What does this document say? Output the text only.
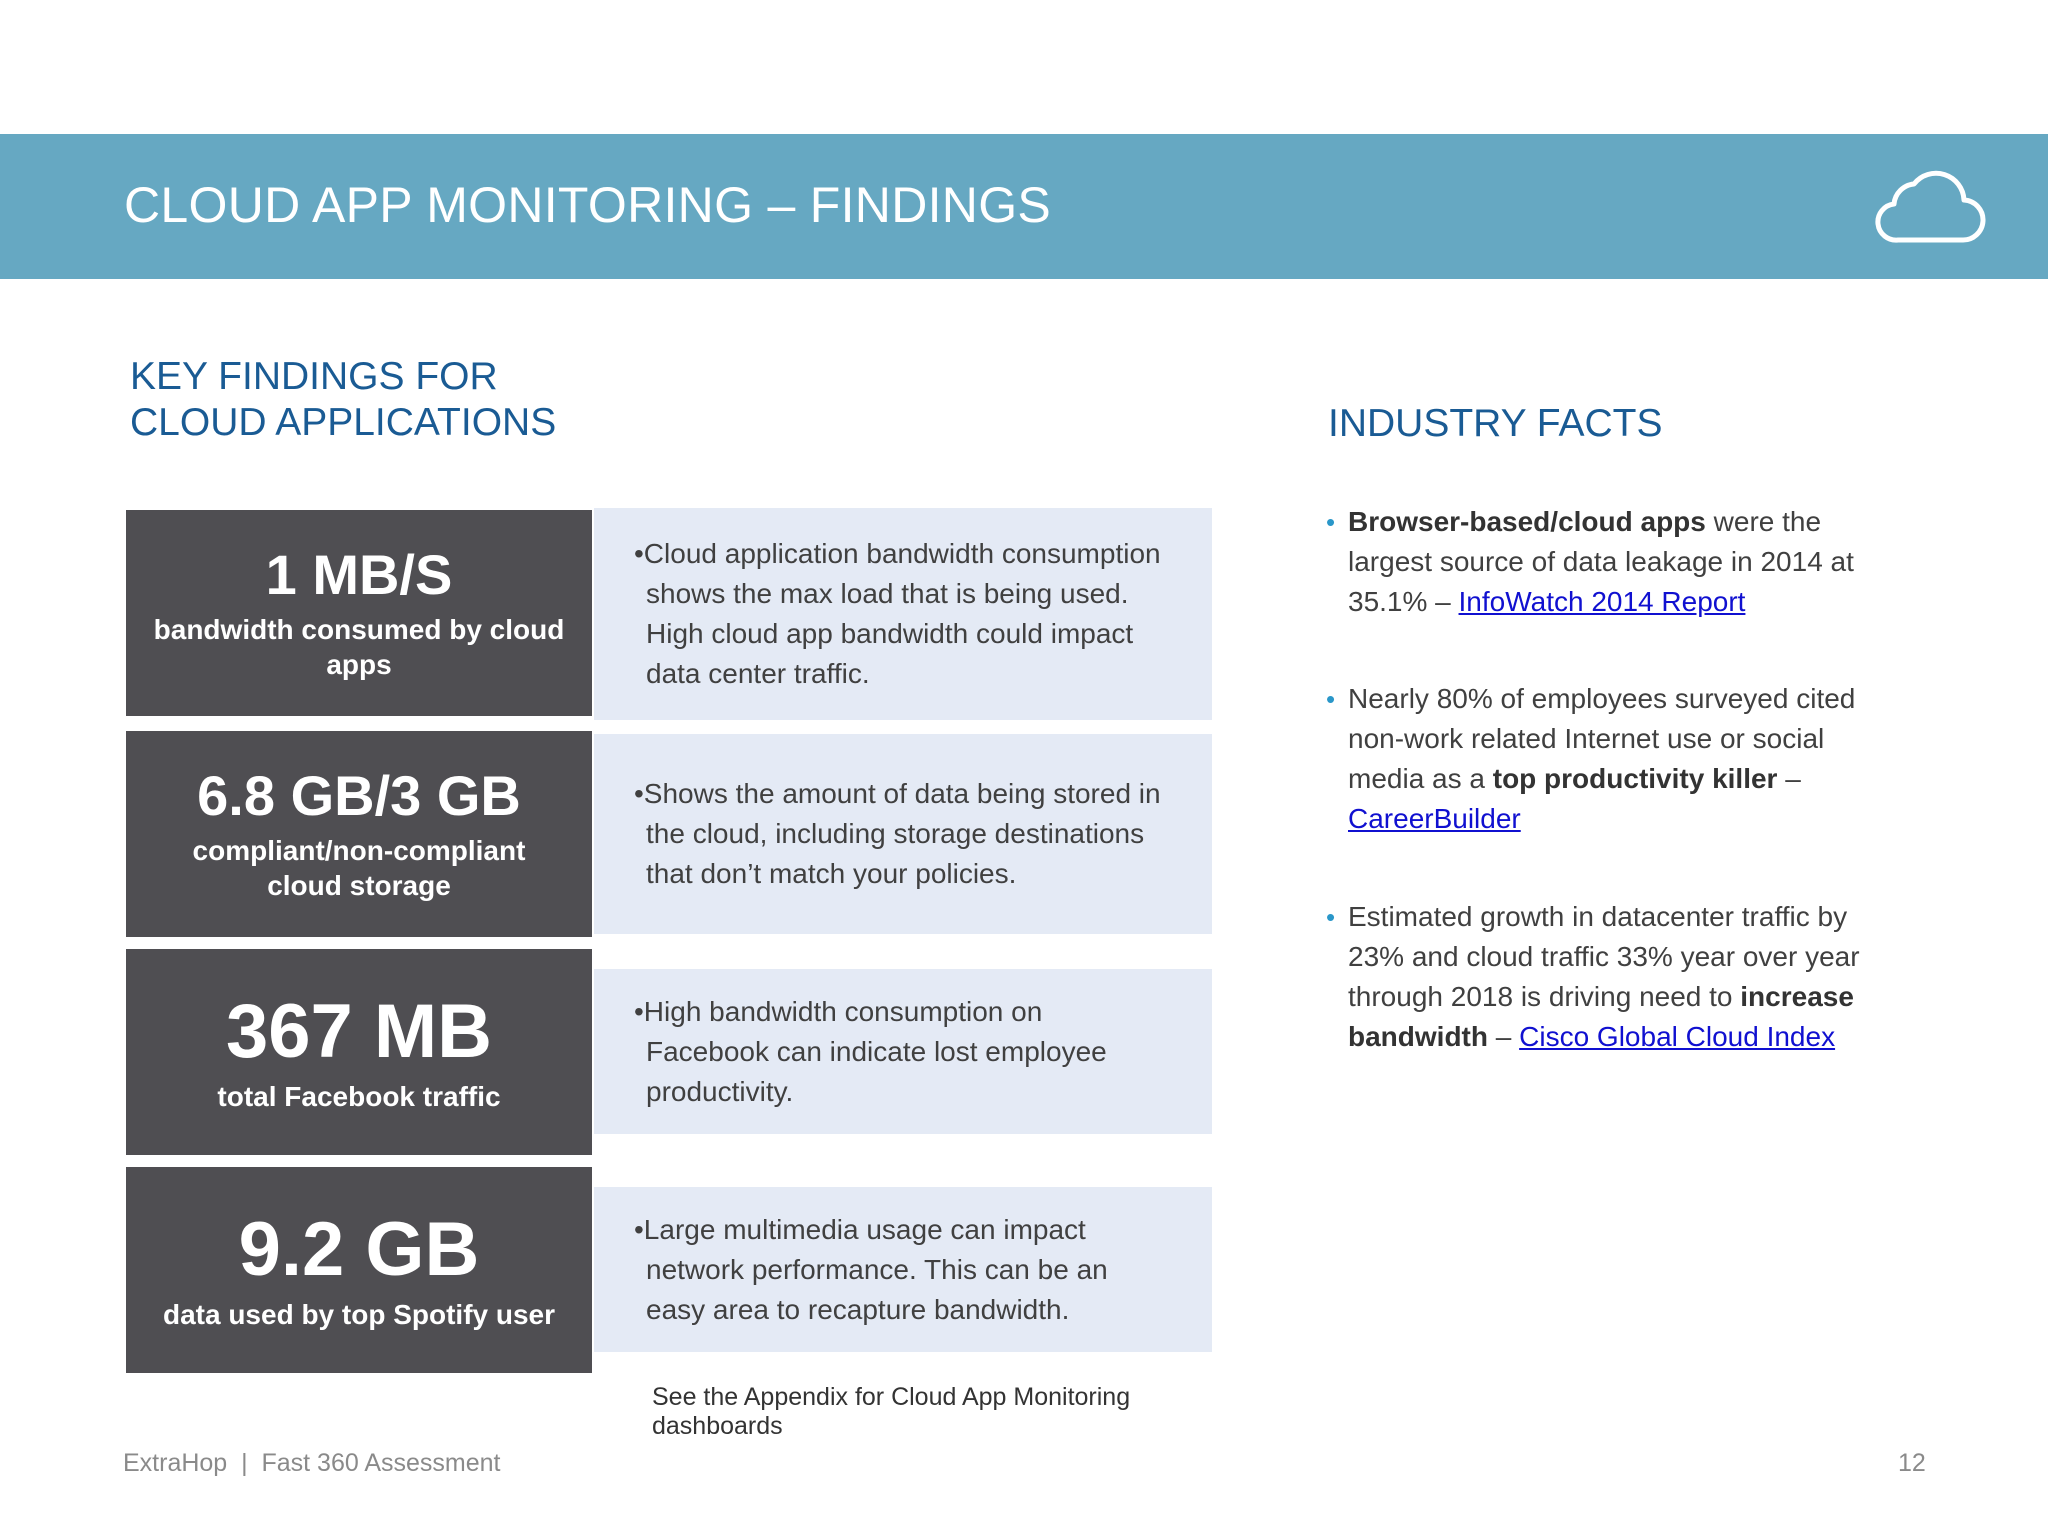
CLOUD APP MONITORING – FINDINGS
KEY FINDINGS FOR
CLOUD APPLICATIONS
1 MB/S
bandwidth consumed by cloud apps
•Cloud application bandwidth consumption shows the max load that is being used. High cloud app bandwidth could impact data center traffic.
6.8 GB/3 GB
compliant/non-compliant cloud storage
•Shows the amount of data being stored in the cloud, including storage destinations that don’t match your policies.
367 MB
total Facebook traffic
•High bandwidth consumption on Facebook can indicate lost employee productivity.
9.2 GB
data used by top Spotify user
•Large multimedia usage can impact network performance. This can be an easy area to recapture bandwidth.
See the Appendix for Cloud App Monitoring dashboards
INDUSTRY FACTS
• Browser-based/cloud apps were the largest source of data leakage in 2014 at 35.1% – InfoWatch 2014 Report
• Nearly 80% of employees surveyed cited non-work related Internet use or social media as a top productivity killer – CareerBuilder
• Estimated growth in datacenter traffic by 23% and cloud traffic 33% year over year through 2018 is driving need to increase bandwidth – Cisco Global Cloud Index
ExtraHop  |  Fast 360 Assessment	12
